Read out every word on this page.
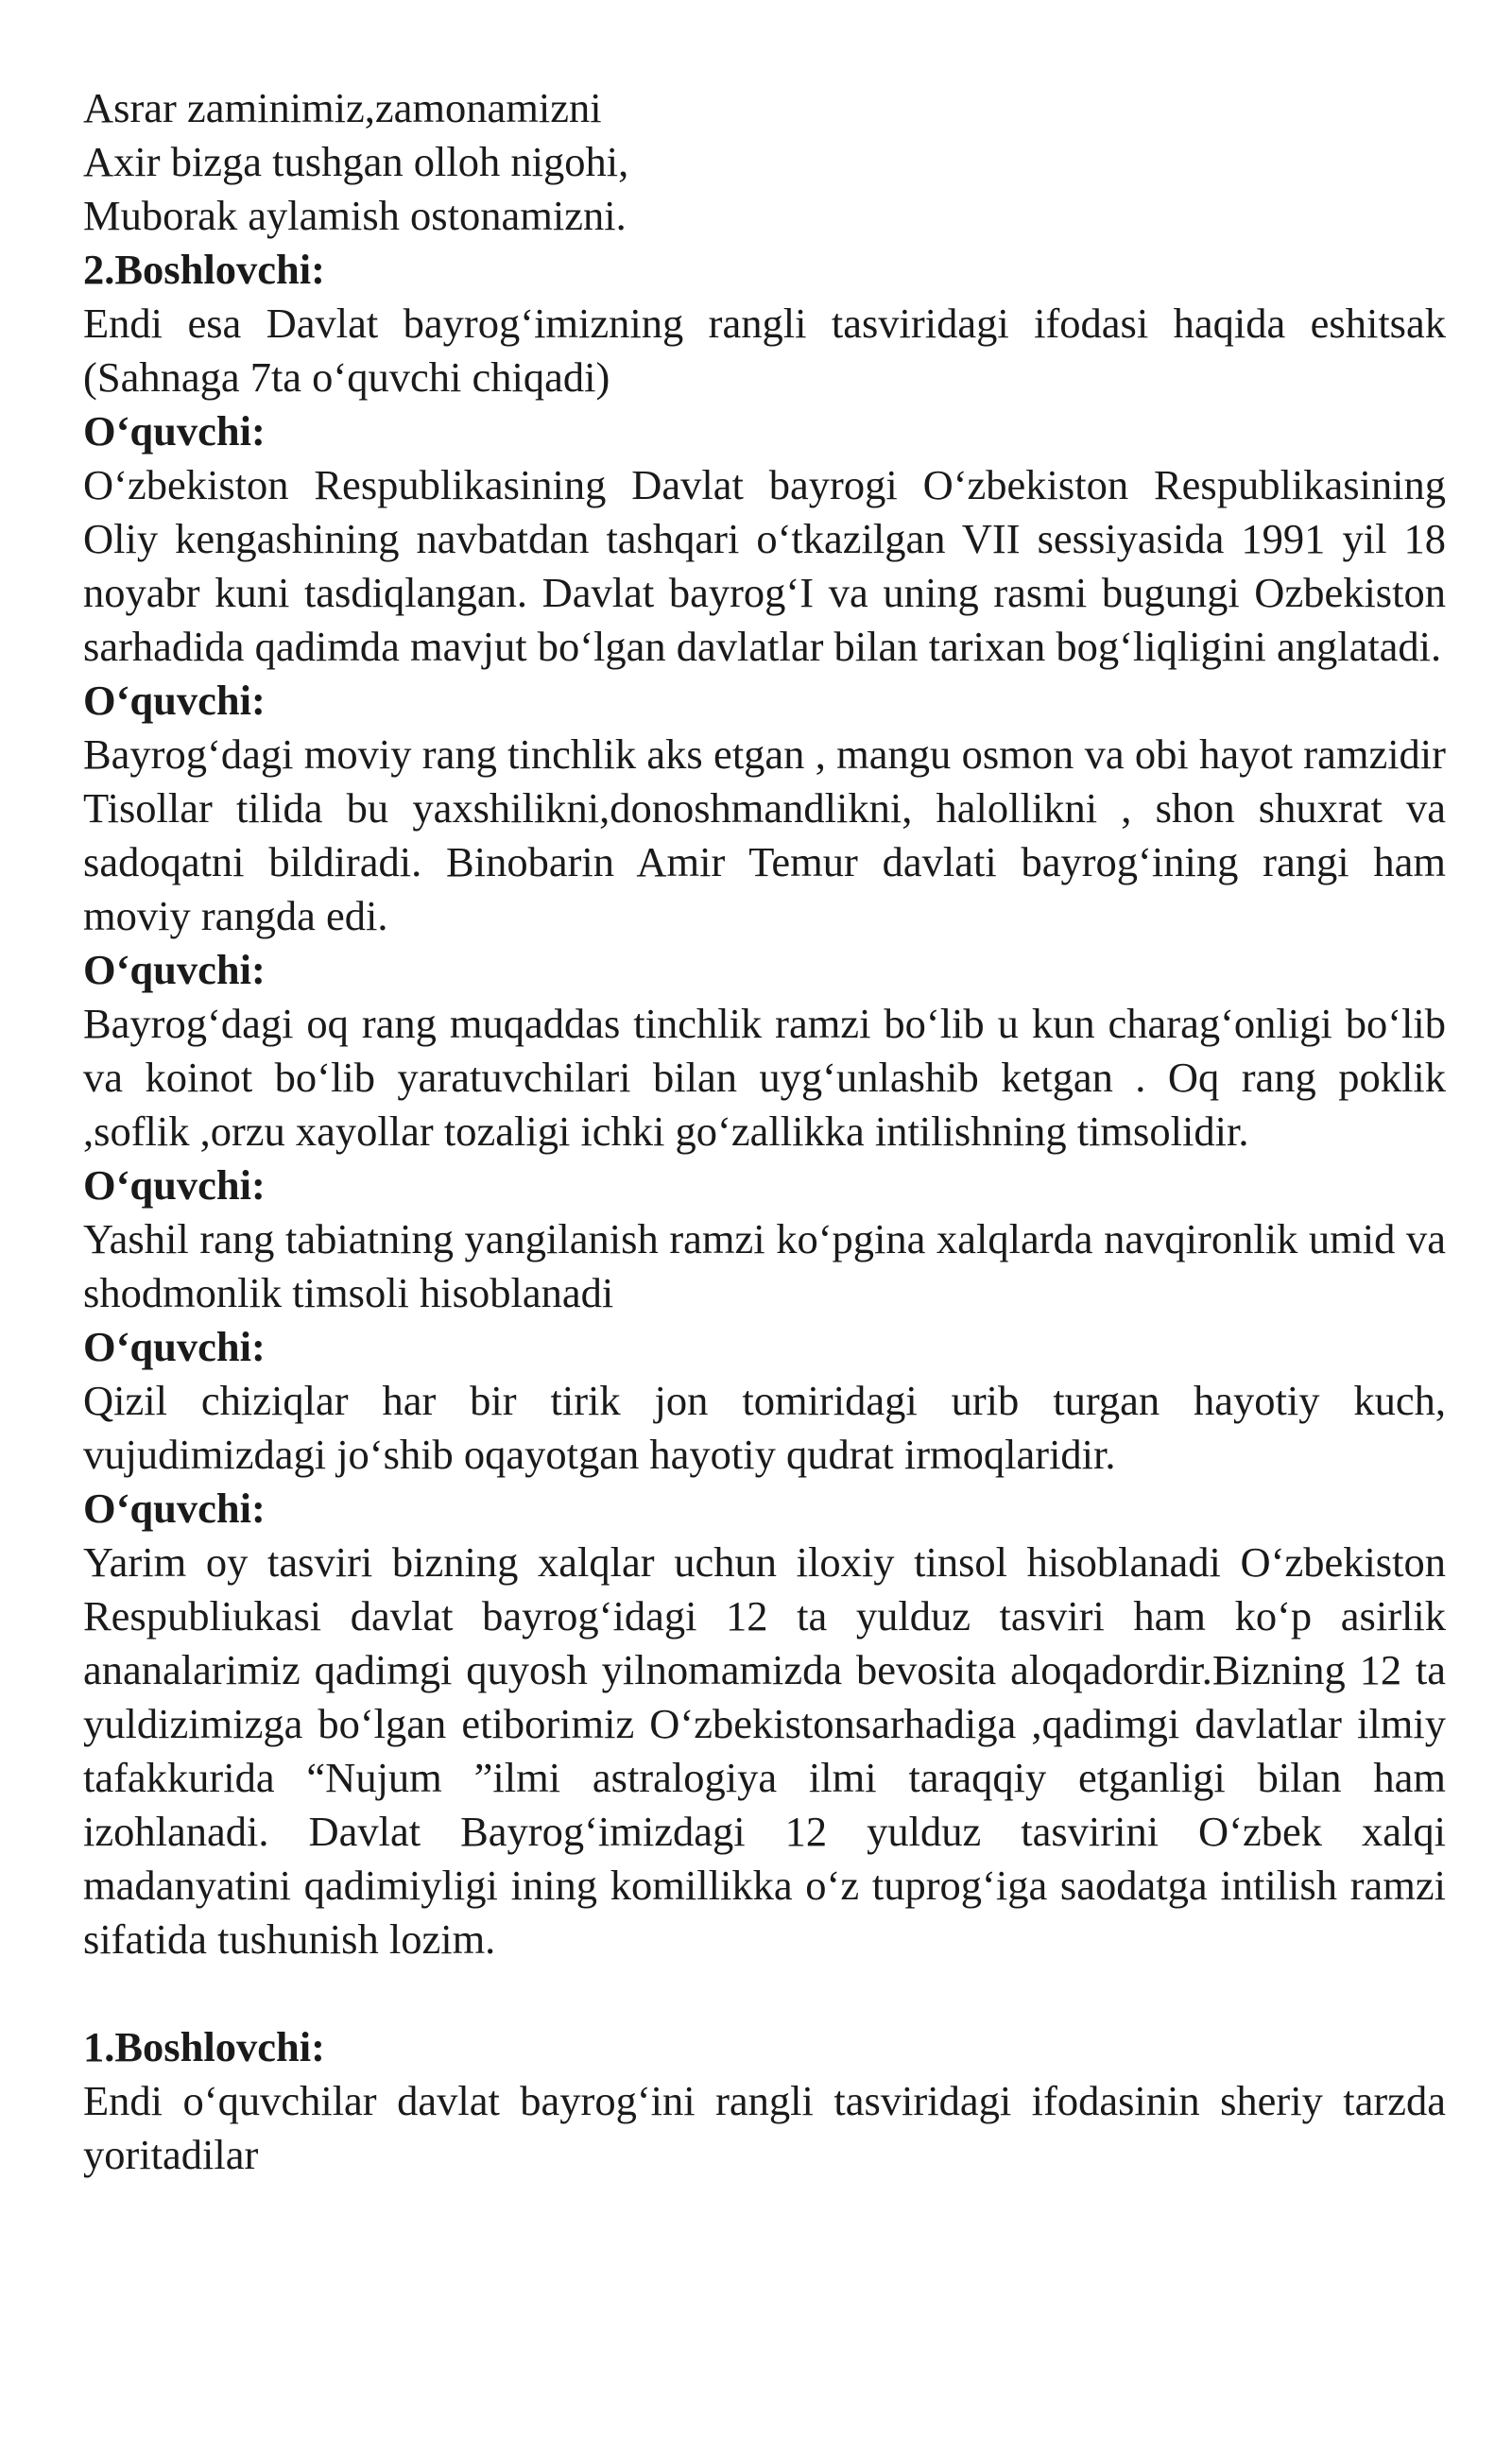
Asrar zaminimiz,zamonamizni
Axir bizga tushgan olloh nigohi,
Muborak aylamish ostonamizni.
2.Boshlovchi:

Endi esa Davlat bayrog‘imizning rangli tasviridagi ifodasi haqida eshitsak (Sahnaga 7ta o‘quvchi chiqadi)

O‘quvchi:

O‘zbekiston Respublikasining Davlat bayrogi O‘zbekiston Respublikasining Oliy kengashining navbatdan tashqari o‘tkazilgan VII sessiyasida 1991 yil 18 noyabr kuni tasdiqlangan. Davlat bayrog‘I va uning rasmi bugungi Ozbekiston sarhadida qadimda mavjut bo‘lgan davlatlar bilan tarixan bog‘liqligini anglatadi.

O‘quvchi:

Bayrog‘dagi moviy rang tinchlik aks etgan , mangu osmon va obi hayot ramzidir Tisollar tilida bu yaxshilikni,donoshmandlikni, halollikni , shon shuxrat va sadoqatni bildiradi. Binobarin Amir Temur davlati bayrog‘ining rangi ham moviy rangda edi.

O‘quvchi:

Bayrog‘dagi oq rang muqaddas tinchlik ramzi bo‘lib u kun charag‘onligi bo‘lib va koinot bo‘lib yaratuvchilari bilan uyg‘unlashib ketgan . Oq rang poklik ,soflik ,orzu xayollar tozaligi ichki go‘zallikka intilishning timsolidir.

O‘quvchi:

Yashil rang tabiatning yangilanish ramzi ko‘pgina xalqlarda navqironlik umid va shodmonlik timsoli hisoblanadi

O‘quvchi:

Qizil chiziqlar har bir tirik jon tomiridagi urib turgan hayotiy kuch, vujudimizdagi jo‘shib oqayotgan hayotiy qudrat irmoqlaridir.

O‘quvchi:

Yarim oy tasviri bizning xalqlar uchun iloxiy tinsol hisoblanadi O‘zbekiston Respubliukasi davlat bayrog‘idagi 12 ta yulduz tasviri ham ko‘p asirlik ananalarimiz qadimgi quyosh yilnomamizda bevosita aloqadordir.Bizning 12 ta yuldizimizga bo‘lgan etiborimiz O‘zbekistonsarhadiga ,qadimgi davlatlar ilmiy tafakkurida “Nujum ”ilmi astralogiya ilmi taraqqiy etganligi bilan ham izohlanadi. Davlat Bayrog‘imizdagi 12 yulduz tasvirini O‘zbek xalqi madanyatini qadimiyligi ining komillikka o‘z tuprog‘iga saodatga intilish ramzi sifatida tushunish lozim.

1.Boshlovchi:

Endi o‘quvchilar davlat bayrog‘ini rangli tasviridagi ifodasinin sheriy tarzda yoritadilar
